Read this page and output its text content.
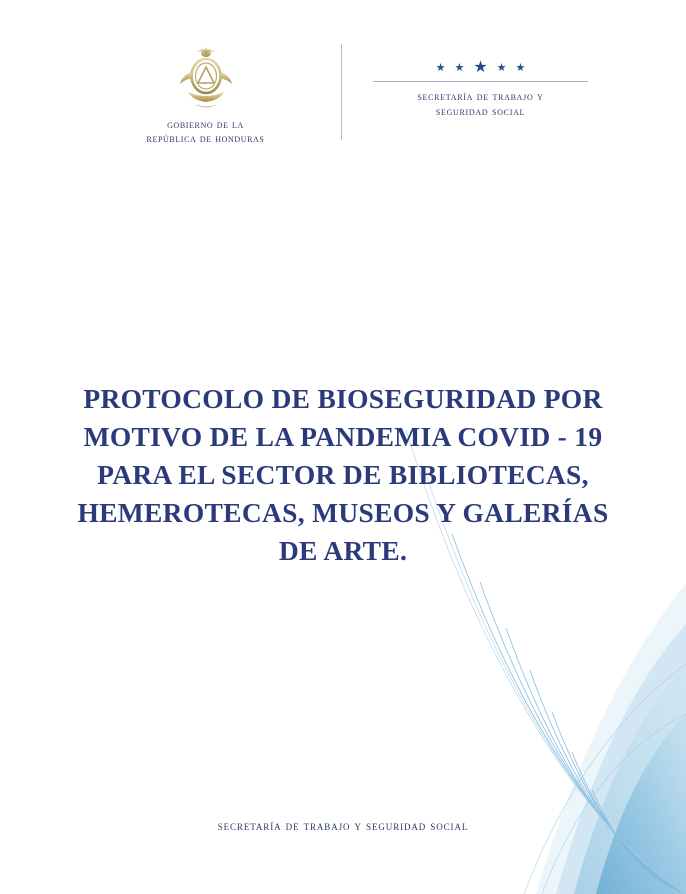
gobierno de la
república de honduras
★ ★ ★ ★ ★
secretaría de trabajo y
seguridad social
PROTOCOLO DE BIOSEGURIDAD POR
MOTIVO DE LA PANDEMIA COVID - 19
PARA EL SECTOR DE BIBLIOTECAS,
HEMEROTECAS, MUSEOS Y GALERÍAS
DE ARTE.
secretaría de trabajo y seguridad social
